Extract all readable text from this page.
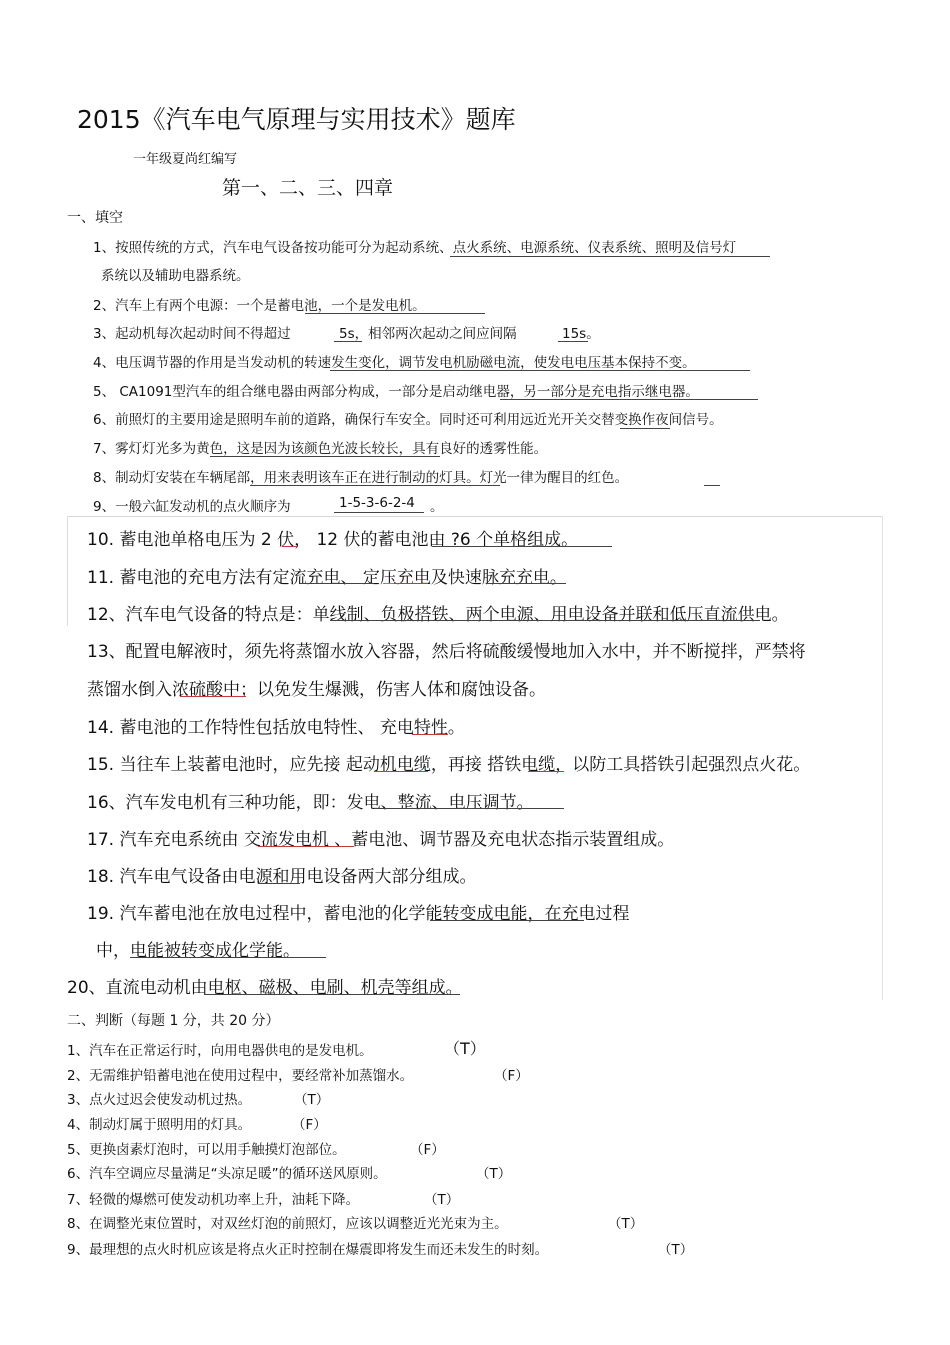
2015《汽车电气原理与实用技术》题库
一年级夏尚红编写
第一、二、三、四章
一、填空
1、按照传统的方式，汽车电气设备按功能可分为起动系统、点火系统、电源系统、仪表系统、照明及信号灯
系统以及辅助电器系统。
2、汽车上有两个电源：一个是蓄电池，一个是发电机。
3、起动机每次起动时间不得超过	5s，相邻两次起动之间应间隔	15s。
4、电压调节器的作用是当发动机的转速发生变化，调节发电机励磁电流，使发电电压基本保持不变。
5、 CA1091型汽车的组合继电器由两部分构成，一部分是启动继电器，另一部分是充电指示继电器。
6、前照灯的主要用途是照明车前的道路，确保行车安全。同时还可利用远近光开关交替变换作夜间信号。
7、雾灯灯光多为黄色，这是因为该颜色光波长较长，具有良好的透雾性能。
8、制动灯安装在车辆尾部，用来表明该车正在进行制动的灯具。灯光一律为醒目的红色。
9、一般六缸发动机的点火顺序为	1-5-3-6-2-4 。
10. 蓄电池单格电压为 2 伏， 12 伏的蓄电池由 ?6 个单格组成。
11. 蓄电池的充电方法有定流充电、 定压充电及快速脉充充电。
12、汽车电气设备的特点是：单线制、负极搭铁、两个电源、用电设备并联和低压直流供电。
13、配置电解液时，须先将蒸馏水放入容器，然后将硫酸缓慢地加入水中，并不断搅拌，严禁将
蒸馏水倒入浓硫酸中；以免发生爆溅，伤害人体和腐蚀设备。
14. 蓄电池的工作特性包括放电特性、 充电特性。
15. 当往车上装蓄电池时，应先接 起动机电缆，再接 搭铁电缆，以防工具搭铁引起强烈点火花。
16、汽车发电机有三种功能，即：发电、整流、电压调节。
17. 汽车充电系统由 交流发电机 、蓄电池、调节器及充电状态指示装置组成。
18. 汽车电气设备由电源和用电设备两大部分组成。
19. 汽车蓄电池在放电过程中，蓄电池的化学能转变成电能，在充电过程
中，电能被转变成化学能。
20、直流电动机由电枢、磁极、电刷、机壳等组成。
二、判断（每题 1 分，共 20 分）
1、汽车在正常运行时，向用电器供电的是发电机。	（T）
2、无需维护铅蓄电池在使用过程中，要经常补加蒸馏水。	（F）
3、点火过迟会使发动机过热。	（T）
4、制动灯属于照明用的灯具。	（F）
5、更换卤素灯泡时，可以用手触摸灯泡部位。	（F）
6、汽车空调应尽量满足“头凉足暖”的循环送风原则。	（T）
7、轻微的爆燃可使发动机功率上升，油耗下降。	（T）
8、在调整光束位置时，对双丝灯泡的前照灯，应该以调整近光光束为主。	（T）
9、最理想的点火时机应该是将点火正时控制在爆震即将发生而还未发生的时刻。	（T）
